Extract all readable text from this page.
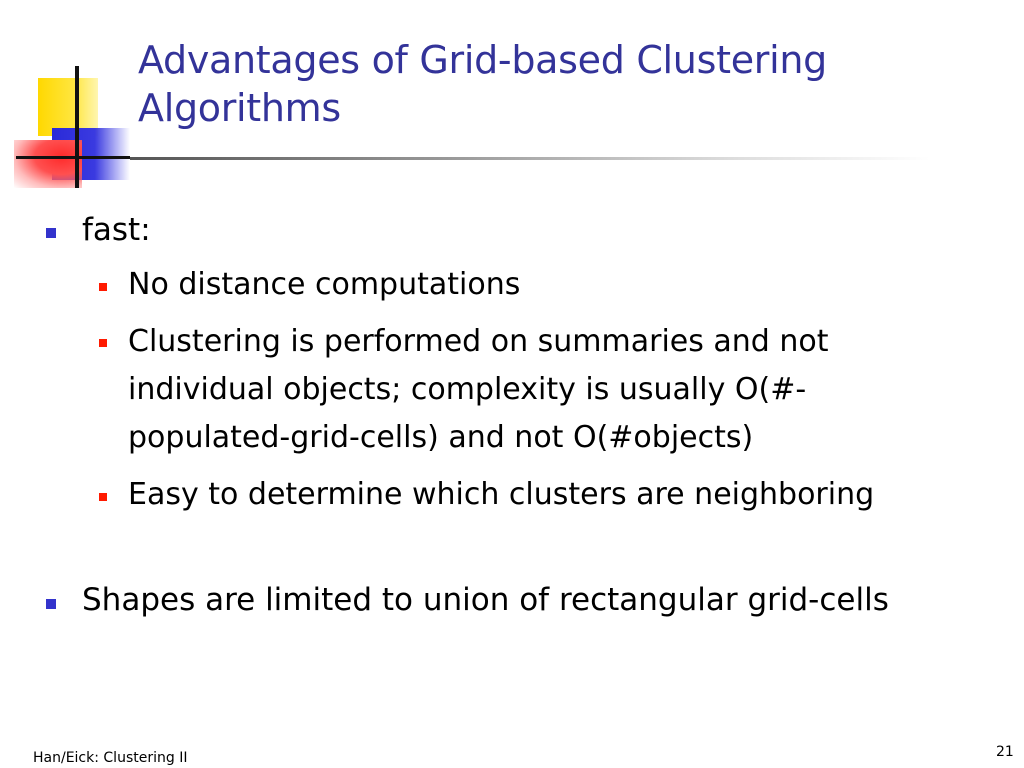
Advantages of Grid-based Clustering Algorithms

fast:

No distance computations

Clustering is performed on summaries and not individual objects; complexity is usually O(#-populated-grid-cells) and not O(#objects)

Easy to determine which clusters are neighboring

Shapes are limited to union of rectangular grid-cells

Han/Eick: Clustering II	21
